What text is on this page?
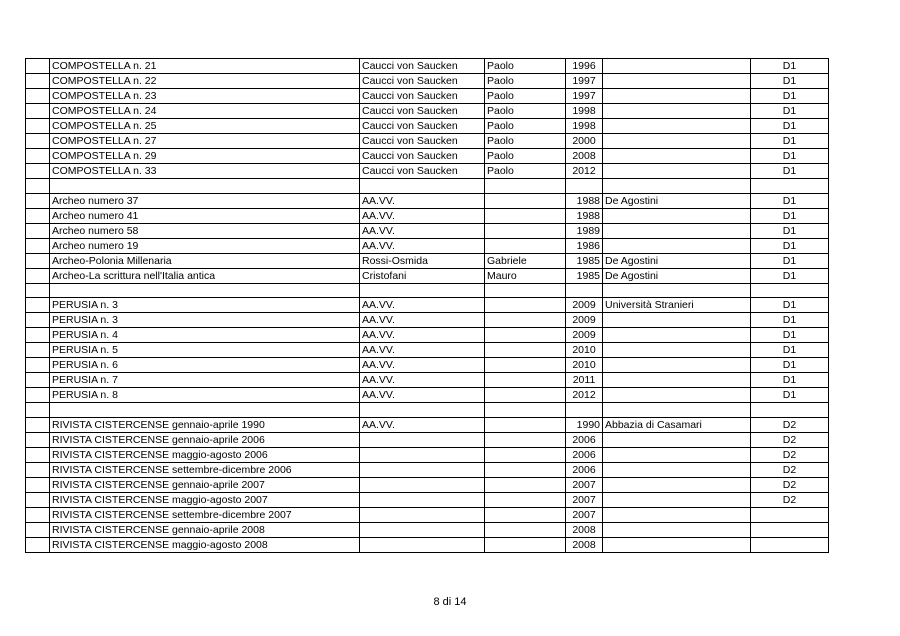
	COMPOSTELLA n. 21	Caucci von Saucken	Paolo	1996		D1
	COMPOSTELLA n. 22	Caucci von Saucken	Paolo	1997		D1
	COMPOSTELLA n. 23	Caucci von Saucken	Paolo	1997		D1
	COMPOSTELLA n. 24	Caucci von Saucken	Paolo	1998		D1
	COMPOSTELLA n. 25	Caucci von Saucken	Paolo	1998		D1
	COMPOSTELLA n. 27	Caucci von Saucken	Paolo	2000		D1
	COMPOSTELLA n. 29	Caucci von Saucken	Paolo	2008		D1
	COMPOSTELLA n. 33	Caucci von Saucken	Paolo	2012		D1

	Archeo numero 37	AA.VV.		1988	De Agostini	D1
	Archeo numero 41	AA.VV.		1988		D1
	Archeo numero 58	AA.VV.		1989		D1
	Archeo numero 19	AA.VV.		1986		D1
	Archeo-Polonia Millenaria	Rossi-Osmida	Gabriele	1985	De Agostini	D1
	Archeo-La scrittura nell'Italia antica	Cristofani	Mauro	1985	De Agostini	D1

	PERUSIA n. 3	AA.VV.		2009	Università Stranieri	D1
	PERUSIA n. 3	AA.VV.		2009		D1
	PERUSIA n. 4	AA.VV.		2009		D1
	PERUSIA n. 5	AA.VV.		2010		D1
	PERUSIA n. 6	AA.VV.		2010		D1
	PERUSIA n. 7	AA.VV.		2011		D1
	PERUSIA n. 8	AA.VV.		2012		D1

	RIVISTA CISTERCENSE gennaio-aprile 1990	AA.VV.		1990	Abbazia di Casamari	D2
	RIVISTA CISTERCENSE gennaio-aprile 2006			2006		D2
	RIVISTA CISTERCENSE maggio-agosto 2006			2006		D2
	RIVISTA CISTERCENSE settembre-dicembre 2006			2006		D2
	RIVISTA CISTERCENSE gennaio-aprile 2007			2007		D2
	RIVISTA CISTERCENSE maggio-agosto 2007			2007		D2
	RIVISTA CISTERCENSE settembre-dicembre 2007			2007		
	RIVISTA CISTERCENSE gennaio-aprile 2008			2008		
	RIVISTA CISTERCENSE maggio-agosto 2008			2008		
8 di 14
